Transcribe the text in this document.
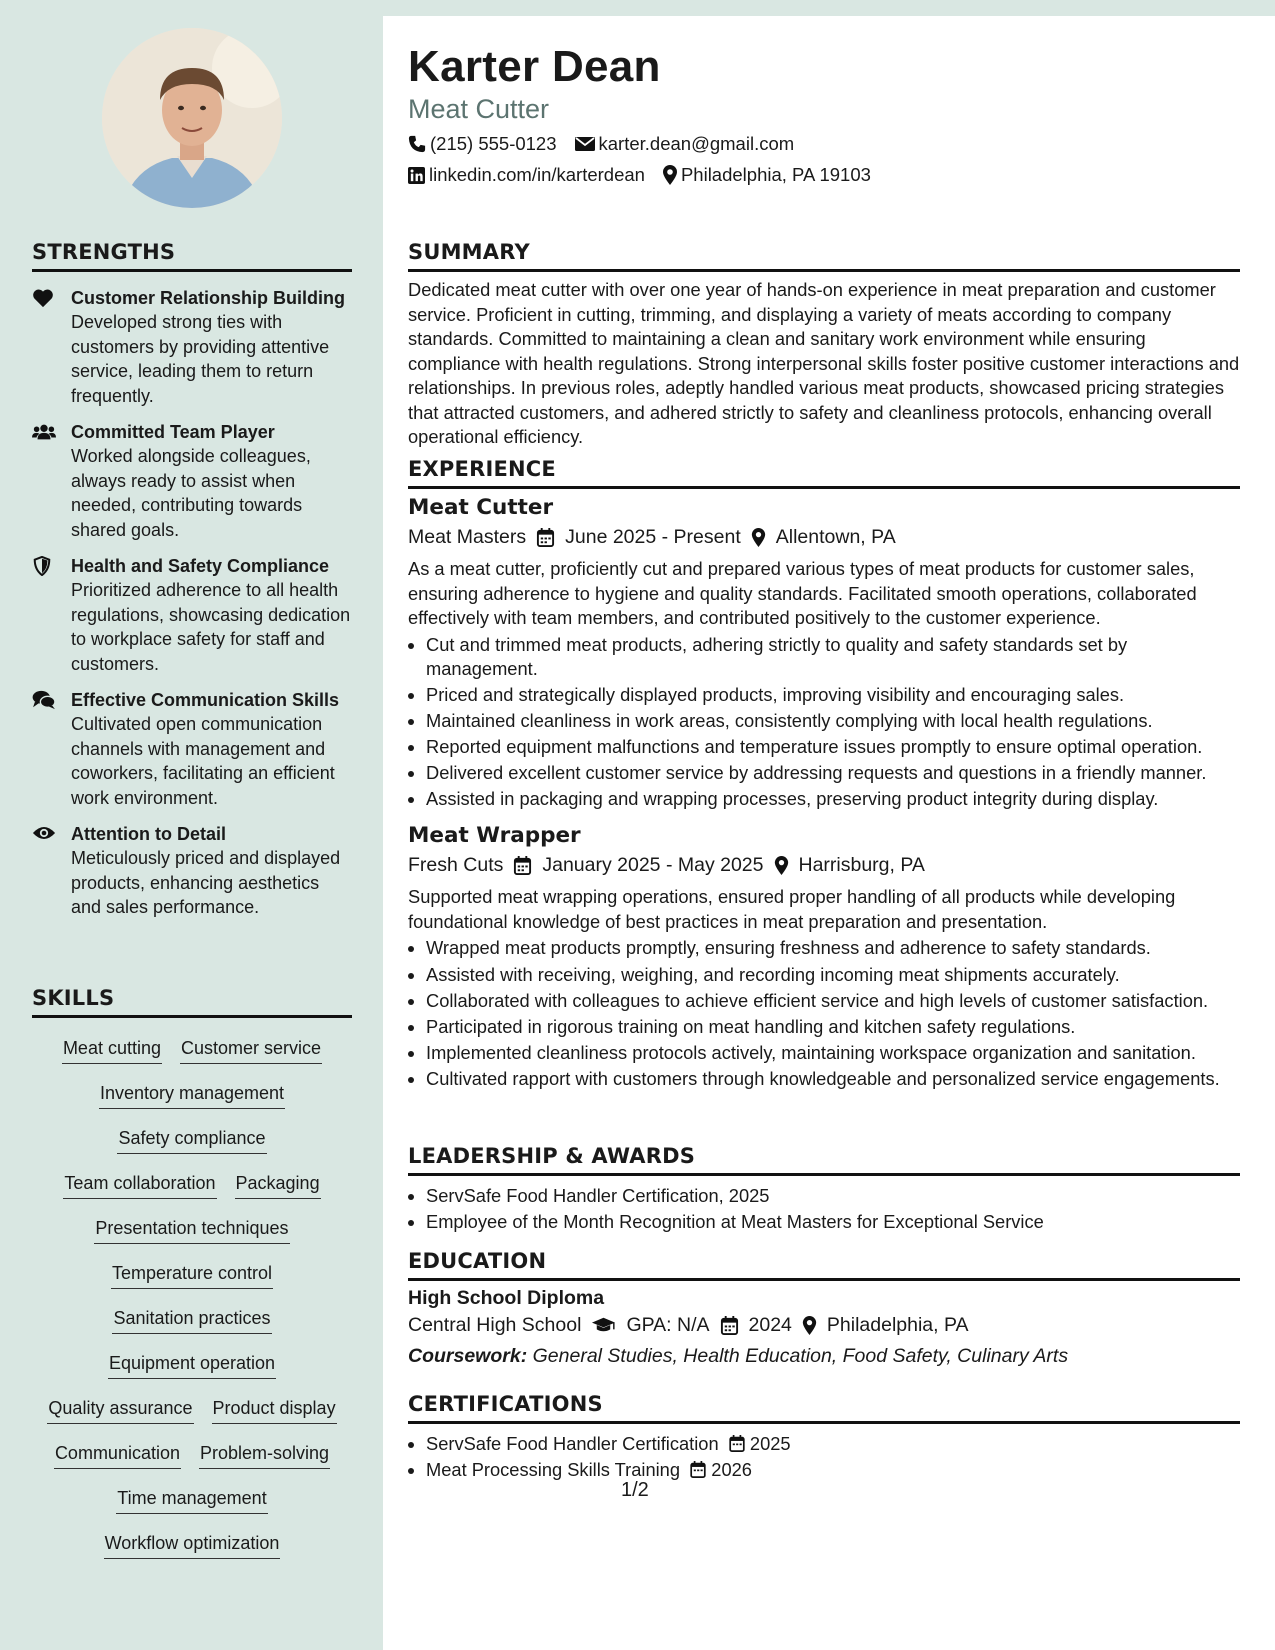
STRENGTHS
Customer Relationship Building
Developed strong ties with customers by providing attentive service, leading them to return frequently.
Committed Team Player
Worked alongside colleagues, always ready to assist when needed, contributing towards shared goals.
Health and Safety Compliance
Prioritized adherence to all health regulations, showcasing dedication to workplace safety for staff and customers.
Effective Communication Skills
Cultivated open communication channels with management and coworkers, facilitating an efficient work environment.
Attention to Detail
Meticulously priced and displayed products, enhancing aesthetics and sales performance.
SKILLS
Meat cutting Customer service
Inventory management
Safety compliance
Team collaboration Packaging
Presentation techniques
Temperature control
Sanitation practices
Equipment operation
Quality assurance Product display
Communication Problem-solving
Time management
Workflow optimization
Karter Dean
Meat Cutter
(215) 555-0123 karter.dean@gmail.com
linkedin.com/in/karterdean Philadelphia, PA 19103
SUMMARY

Dedicated meat cutter with over one year of hands-on experience in meat preparation and customer service. Proficient in cutting, trimming, and displaying a variety of meats according to company standards. Committed to maintaining a clean and sanitary work environment while ensuring compliance with health regulations. Strong interpersonal skills foster positive customer interactions and relationships. In previous roles, adeptly handled various meat products, showcased pricing strategies that attracted customers, and adhered strictly to safety and cleanliness protocols, enhancing overall operational efficiency.

EXPERIENCE
Meat Cutter
Meat Masters June 2025 - Present Allentown, PA

As a meat cutter, proficiently cut and prepared various types of meat products for customer sales, ensuring adherence to hygiene and quality standards. Facilitated smooth operations, collaborated effectively with team members, and contributed positively to the customer experience.

• Cut and trimmed meat products, adhering strictly to quality and safety standards set by management.
• Priced and strategically displayed products, improving visibility and encouraging sales.
• Maintained cleanliness in work areas, consistently complying with local health regulations.
• Reported equipment malfunctions and temperature issues promptly to ensure optimal operation.
• Delivered excellent customer service by addressing requests and questions in a friendly manner.
• Assisted in packaging and wrapping processes, preserving product integrity during display.
Meat Wrapper
Fresh Cuts January 2025 - May 2025 Harrisburg, PA

Supported meat wrapping operations, ensured proper handling of all products while developing foundational knowledge of best practices in meat preparation and presentation.

• Wrapped meat products promptly, ensuring freshness and adherence to safety standards.
• Assisted with receiving, weighing, and recording incoming meat shipments accurately.
• Collaborated with colleagues to achieve efficient service and high levels of customer satisfaction.
• Participated in rigorous training on meat handling and kitchen safety regulations.
• Implemented cleanliness protocols actively, maintaining workspace organization and sanitation.
• Cultivated rapport with customers through knowledgeable and personalized service engagements.
LEADERSHIP & AWARDS
• ServSafe Food Handler Certification, 2025
• Employee of the Month Recognition at Meat Masters for Exceptional Service
EDUCATION
High School Diploma
Central High School GPA: N/A 2024 Philadelphia, PA
Coursework: General Studies, Health Education, Food Safety, Culinary Arts
CERTIFICATIONS
• ServSafe Food Handler Certification 2025
• Meat Processing Skills Training 2026
1/2
